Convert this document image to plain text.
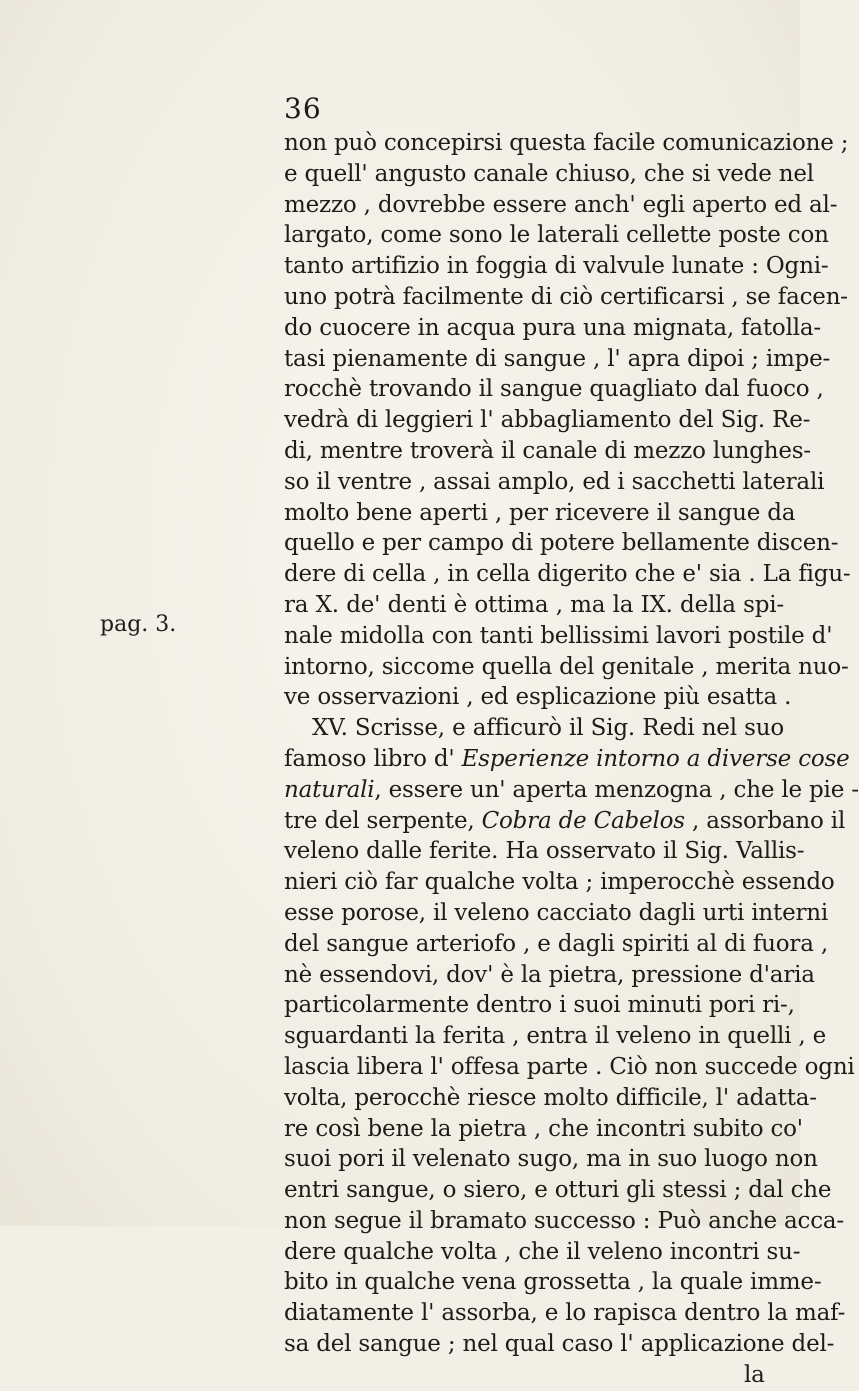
36
pag. 3.
non può concepirsi questa facile comunicazione ;
e quell' angusto canale chiuso, che si vede nel
mezzo , dovrebbe essere anch' egli aperto ed al-
largato, come sono le laterali cellette poste con
tanto artifizio in foggia di valvule lunate : Ogni-
uno potrà facilmente di ciò certificarsi , se facen-
do cuocere in acqua pura una mignata, fatolla-
tasi pienamente di sangue , l' apra dipoi ; impe-
rocchè trovando il sangue quagliato dal fuoco ,
vedrà di leggieri l' abbagliamento del Sig. Re-
di, mentre troverà il canale di mezzo lunghes-
so il ventre , assai amplo, ed i sacchetti laterali
molto bene aperti , per ricevere il sangue da
quello e per campo di potere bellamente discen-
dere di cella , in cella digerito che e' sia . La figu-
ra X. de' denti è ottima , ma la IX. della spi-
nale midolla con tanti bellissimi lavori postile d'
intorno, siccome quella del genitale , merita nuo-
ve osservazioni , ed esplicazione più esatta .
XV. Scrisse, e afficurò il Sig. Redi nel suo
famoso libro d' Esperienze intorno a diverse cose
naturali, essere un' aperta menzogna , che le pie -
tre del serpente, Cobra de Cabelos , assorbano il
veleno dalle ferite. Ha osservato il Sig. Vallis-
nieri ciò far qualche volta ; imperocchè essendo
esse porose, il veleno cacciato dagli urti interni
del sangue arteriofo , e dagli spiriti al di fuora ,
nè essendovi, dov' è la pietra, pressione d'aria
particolarmente dentro i suoi minuti pori ri-,
sguardanti la ferita , entra il veleno in quelli , e
lascia libera l' offesa parte . Ciò non succede ogni
volta, perocchè riesce molto difficile, l' adatta-
re così bene la pietra , che incontri subito co'
suoi pori il velenato sugo, ma in suo luogo non
entri sangue, o siero, e otturi gli stessi ; dal che
non segue il bramato successo : Può anche acca-
dere qualche volta , che il veleno incontri su-
bito in qualche vena grossetta , la quale imme-
diatamente l' assorba, e lo rapisca dentro la maf-
sa del sangue ; nel qual caso l' applicazione del-
la
